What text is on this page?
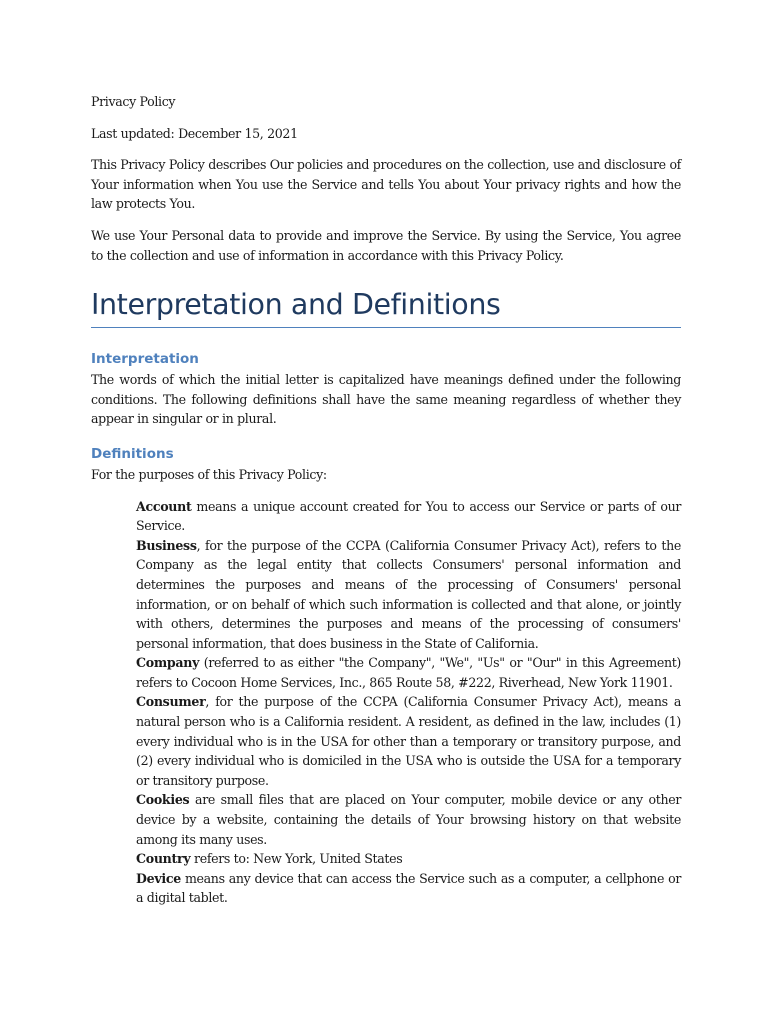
Privacy Policy

Last updated: December 15, 2021

This Privacy Policy describes Our policies and procedures on the collection, use and disclosure of Your information when You use the Service and tells You about Your privacy rights and how the law protects You.

We use Your Personal data to provide and improve the Service. By using the Service, You agree to the collection and use of information in accordance with this Privacy Policy.

Interpretation and Definitions
Interpretation

The words of which the initial letter is capitalized have meanings defined under the following conditions. The following definitions shall have the same meaning regardless of whether they appear in singular or in plural.

Definitions

For the purposes of this Privacy Policy:

Account means a unique account created for You to access our Service or parts of our Service.

Business, for the purpose of the CCPA (California Consumer Privacy Act), refers to the Company as the legal entity that collects Consumers' personal information and determines the purposes and means of the processing of Consumers' personal information, or on behalf of which such information is collected and that alone, or jointly with others, determines the purposes and means of the processing of consumers' personal information, that does business in the State of California.

Company (referred to as either "the Company", "We", "Us" or "Our" in this Agreement) refers to Cocoon Home Services, Inc., 865 Route 58, #222, Riverhead, New York 11901.

Consumer, for the purpose of the CCPA (California Consumer Privacy Act), means a natural person who is a California resident. A resident, as defined in the law, includes (1) every individual who is in the USA for other than a temporary or transitory purpose, and (2) every individual who is domiciled in the USA who is outside the USA for a temporary or transitory purpose.

Cookies are small files that are placed on Your computer, mobile device or any other device by a website, containing the details of Your browsing history on that website among its many uses.

Country refers to: New York, United States

Device means any device that can access the Service such as a computer, a cellphone or a digital tablet.
